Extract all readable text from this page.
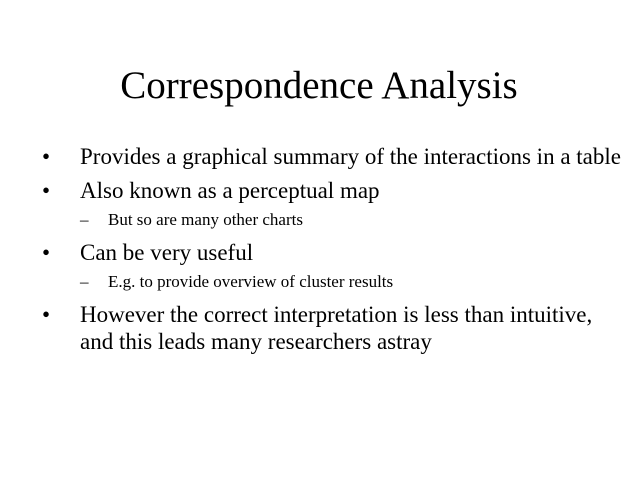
Correspondence Analysis
• Provides a graphical summary of the interactions in a table
• Also known as a perceptual map
– But so are many other charts
• Can be very useful
– E.g. to provide overview of cluster results
• However the correct interpretation is less than intuitive, and this leads many researchers astray
